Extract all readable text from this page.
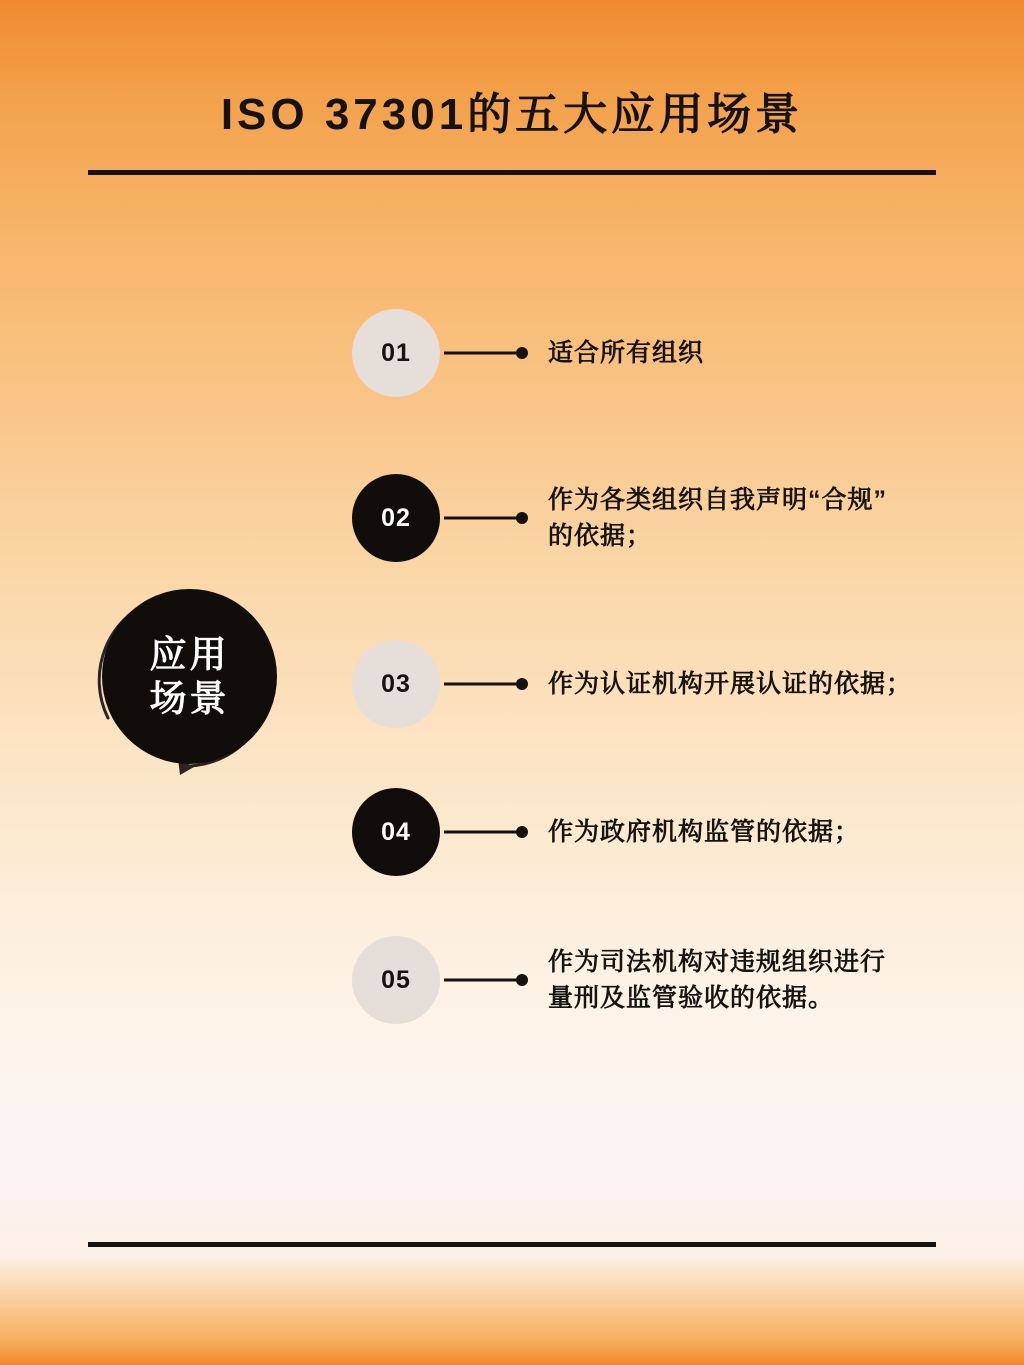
ISO 37301的五大应用场景
应用
场景
01	适合所有组织
02
作为各类组织自我声明“合规”
的依据；
03	作为认证机构开展认证的依据；
04	作为政府机构监管的依据；
05
作为司法机构对违规组织进行
量刑及监管验收的依据。
